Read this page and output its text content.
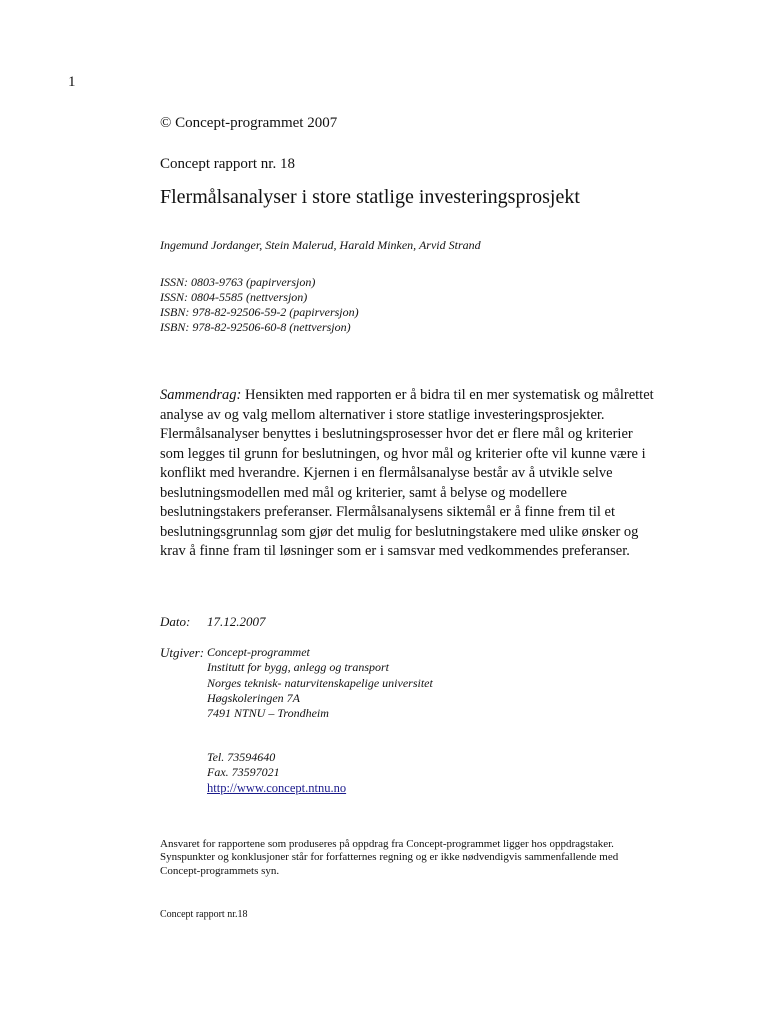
1
© Concept-programmet 2007
Concept rapport nr. 18
Flermålsanalyser i store statlige investeringsprosjekt
Ingemund Jordanger, Stein Malerud, Harald Minken, Arvid Strand
ISSN: 0803-9763 (papirversjon)
ISSN: 0804-5585 (nettversjon)
ISBN: 978-82-92506-59-2 (papirversjon)
ISBN: 978-82-92506-60-8 (nettversjon)
Sammendrag: Hensikten med rapporten er å bidra til en mer systematisk og målrettet analyse av og valg mellom alternativer i store statlige investeringsprosjekter. Flermålsanalyser benyttes i beslutningsprosesser hvor det er flere mål og kriterier som legges til grunn for beslutningen, og hvor mål og kriterier ofte vil kunne være i konflikt med hverandre. Kjernen i en flermålsanalyse består av å utvikle selve beslutningsmodellen med mål og kriterier, samt å belyse og modellere beslutningstakers preferanser. Flermålsanalysens siktemål er å finne frem til et beslutningsgrunnlag som gjør det mulig for beslutningstakere med ulike ønsker og krav å finne fram til løsninger som er i samsvar med vedkommendes preferanser.
Dato: 17.12.2007
Utgiver: Concept-programmet
Institutt for bygg, anlegg og transport
Norges teknisk- naturvitenskapelige universitet
Høgskoleringen 7A
7491 NTNU – Trondheim
Tel. 73594640
Fax. 73597021
http://www.concept.ntnu.no
Ansvaret for rapportene som produseres på oppdrag fra Concept-programmet ligger hos oppdragstaker. Synspunkter og konklusjoner står for forfatternes regning og er ikke nødvendigvis sammenfallende med Concept-programmets syn.
Concept rapport nr.18
